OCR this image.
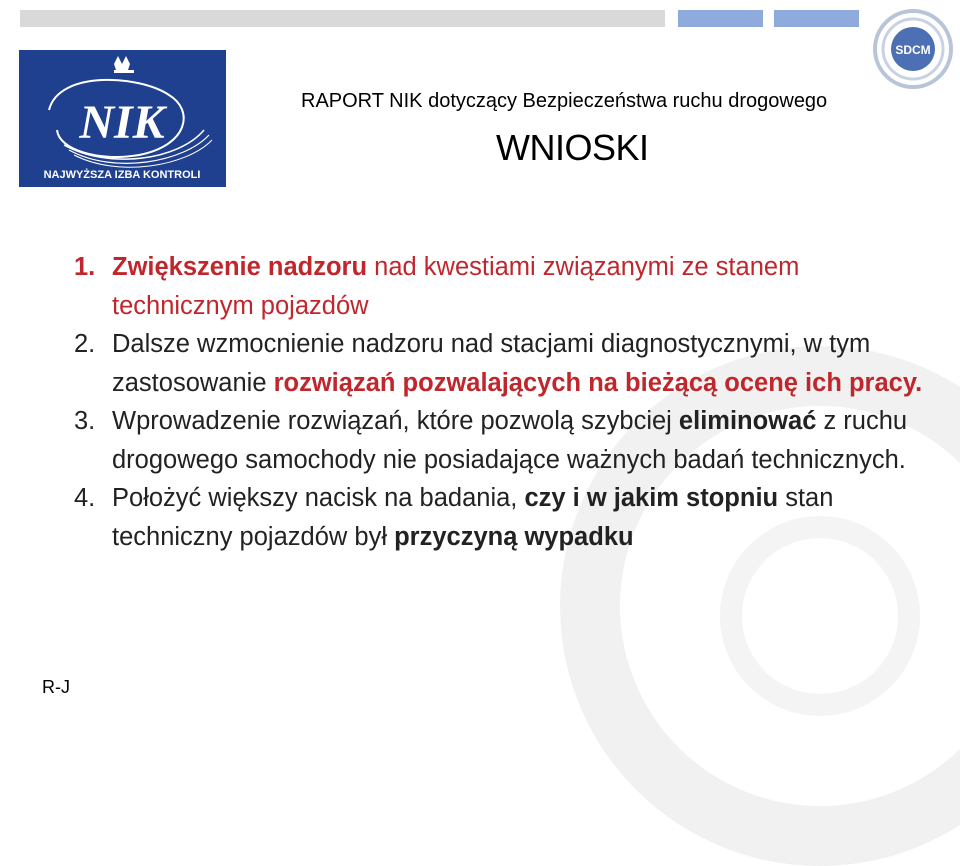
SDCM
NIK
NAJWYŻSZA IZBA KONTROLI
RAPORT NIK dotyczący Bezpieczeństwa ruchu drogowego
WNIOSKI
1. Zwiększenie nadzoru nad kwestiami związanymi ze stanem technicznym pojazdów
2. Dalsze wzmocnienie nadzoru nad stacjami diagnostycznymi, w tym zastosowanie rozwiązań pozwalających na bieżącą ocenę ich pracy.
3. Wprowadzenie rozwiązań, które pozwolą szybciej eliminować z ruchu drogowego samochody nie posiadające ważnych badań technicznych.
4. Położyć większy nacisk na badania, czy i w jakim stopniu stan techniczny pojazdów był przyczyną wypadku
R-J
